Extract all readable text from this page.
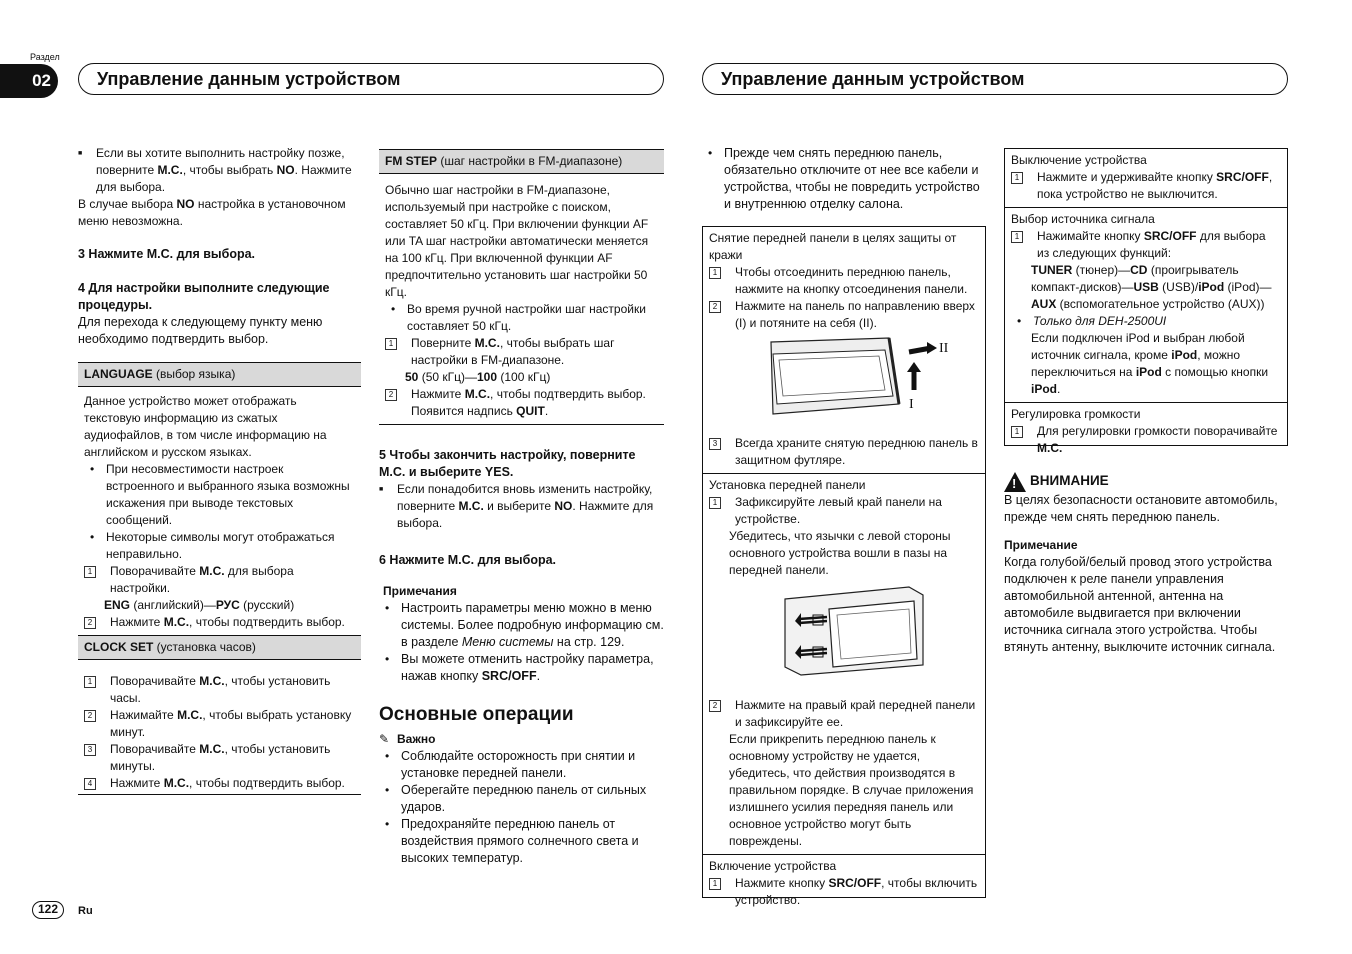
Раздел
02	Управление данным устройством	Управление данным устройством

■ Если вы хотите выполнить настройку позже, поверните M.C., чтобы выбрать NO. Нажмите для выбора.

В случае выбора NO настройка в установочном меню невозможна.

3 Нажмите M.C. для выбора.

4 Для настройки выполните следующие процедуры.

Для перехода к следующему пункту меню необходимо подтвердить выбор.

LANGUAGE (выбор языка)

Данное устройство может отображать текстовую информацию из сжатых аудиофайлов, в том числе информацию на английском и русском языках.

• При несовместимости настроек встроенного и выбранного языка возможны искажения при выводе текстовых сообщений.

• Некоторые символы могут отображаться неправильно.

1	Поворачивайте M.C. для выбора настройки.

ENG (английский)—РУС (русский)

2	Нажмите M.C., чтобы подтвердить выбор.

CLOCK SET (установка часов)

1	Поворачивайте M.C., чтобы установить часы.

2	Нажимайте M.C., чтобы выбрать установку минут.

3	Поворачивайте M.C., чтобы установить минуты.

4	Нажмите M.C., чтобы подтвердить выбор.

FM STEP (шаг настройки в FM-диапазоне)

Обычно шаг настройки в FM-диапазоне, используемый при настройке с поиском, составляет 50 кГц. При включении функции AF или TA шаг настройки автоматически меняется на 100 кГц. При включенной функции AF предпочтительно установить шаг настройки 50 кГц.

• Во время ручной настройки шаг настройки составляет 50 кГц.

1	Поверните M.C., чтобы выбрать шаг настройки в FM-диапазоне.

50 (50 кГц)—100 (100 кГц)

2	Нажмите M.C., чтобы подтвердить выбор. Появится надпись QUIT.

5 Чтобы закончить настройку, поверните M.C. и выберите YES.

■ Если понадобится вновь изменить настройку, поверните M.C. и выберите NO. Нажмите для выбора.

6 Нажмите M.C. для выбора.

Примечания

• Настроить параметры меню можно в меню системы. Более подробную информацию см. в разделе Меню системы на стр. 129.

• Вы можете отменить настройку параметра, нажав кнопку SRC/OFF.

Основные операции

✎ Важно

• Соблюдайте осторожность при снятии и установке передней панели.

• Оберегайте переднюю панель от сильных ударов.

• Предохраняйте переднюю панель от воздействия прямого солнечного света и высоких температур.

• Прежде чем снять переднюю панель, обязательно отключите от нее все кабели и устройства, чтобы не повредить устройство и внутреннюю отделку салона.

Снятие передней панели в целях защиты от кражи

1	Чтобы отсоединить переднюю панель, нажмите на кнопку отсоединения панели.

2	Нажмите на панель по направлению вверх (I) и потяните на себя (II).

II
I

3	Всегда храните снятую переднюю панель в защитном футляре.

Установка передней панели

1	Зафиксируйте левый край панели на устройстве.

Убедитесь, что язычки с левой стороны основного устройства вошли в пазы на передней панели.

2	Нажмите на правый край передней панели и зафиксируйте ее.

Если прикрепить переднюю панель к основному устройству не удается, убедитесь, что действия производятся в правильном порядке. В случае приложения излишнего усилия передняя панель или основное устройство могут быть повреждены.

Включение устройства

1	Нажмите кнопку SRC/OFF, чтобы включить устройство.

Выключение устройства

1	Нажмите и удерживайте кнопку SRC/OFF, пока устройство не выключится.

Выбор источника сигнала

1	Нажимайте кнопку SRC/OFF для выбора из следующих функций:

TUNER (тюнер)—CD (проигрыватель компакт-дисков)—USB (USB)/iPod (iPod)—AUX (вспомогательное устройство (AUX))

• Только для DEH-2500UI

Если подключен iPod и выбран любой источник сигнала, кроме iPod, можно переключиться на iPod с помощью кнопки iPod.

Регулировка громкости

1	Для регулировки громкости поворачивайте
M.C.

! ВНИМАНИЕ

В целях безопасности остановите автомобиль, прежде чем снять переднюю панель.

Примечание

Когда голубой/белый провод этого устройства подключен к реле панели управления автомобильной антенной, антенна на автомобиле выдвигается при включении источника сигнала этого устройства. Чтобы втянуть антенну, выключите источник сигнала.

122	Ru
